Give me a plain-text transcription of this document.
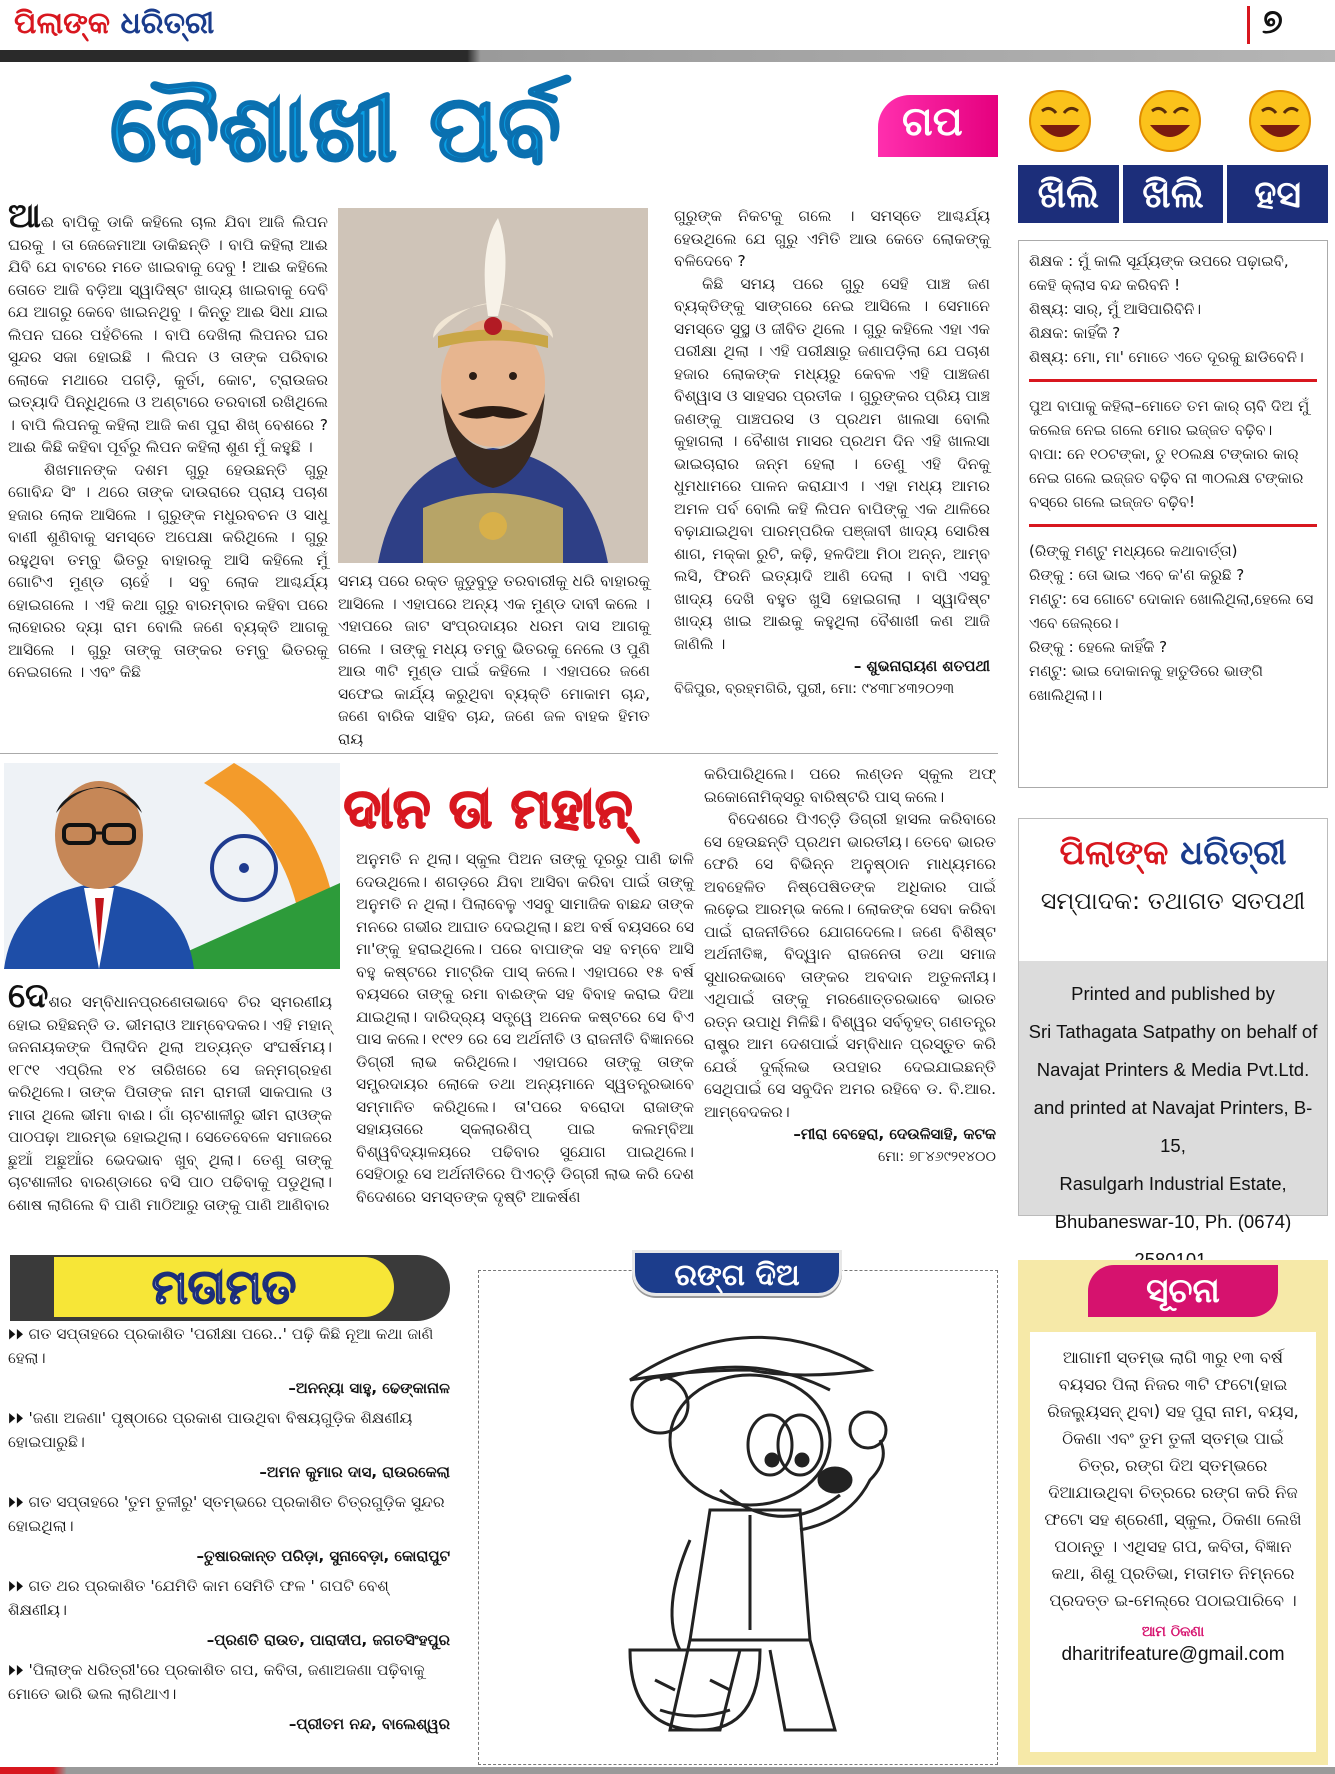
ପିଲାଙ୍କ ଧରିତ୍ରୀ	୭
ବୈଶାଖୀ ପର୍ବ	ଗପ

ଆଈ ବାପିକୁ ଡାକି କହିଲେ ଚାଲ ଯିବା ଆଜି ଲିପନ ଘରକୁ । ତା ଜେଜେମାଆ ଡାକିଛନ୍ତି । ବାପି କହିଲା ଆଈ ଯିବି ଯେ ବାଟରେ ମତେ ଖାଇବାକୁ ଦେବୁ ! ଆଈ କହିଲେ ତୋତେ ଆଜି ବଡ଼ିଆ ସ୍ୱାଦିଷ୍ଟ ଖାଦ୍ୟ ଖାଇବାକୁ ଦେବି ଯେ ଆଗରୁ କେବେ ଖାଇନଥିବୁ । କିନ୍ତୁ ଆଈ ସିଧା ଯାଇ ଲିପନ ଘରେ ପହଁଚିଲେ । ବାପି ଦେଖିଲା ଲିପନର ଘର ସୁନ୍ଦର ସଜା ହୋଇଛି । ଲିପନ ଓ ତାଙ୍କ ପରିବାର ଲୋକେ ମଥାରେ ପଗଡ଼ି, କୁର୍ତା, କୋଟ, ଟ୍ରାଉଜର ଇତ୍ୟାଦି ପିନ୍ଧିଥିଲେ ଓ ଅଣ୍ଟାରେ ତରବାରୀ ରଖିଥିଲେ । ବାପି ଲିପନକୁ କହିଲା ଆଜି କଣ ପୁରା ଶିଖ୍ ବେଶରେ ? ଆଈ କିଛି କହିବା ପୂର୍ବରୁ ଲିପନ କହିଲା ଶୁଣ ମୁଁ କହୁଛି ।

ଶିଖମାନଙ୍କ ଦଶମ ଗୁରୁ ହେଉଛନ୍ତି ଗୁରୁ ଗୋବିନ୍ଦ ସିଂ । ଥରେ ତାଙ୍କ ଦାଉରାରେ ପ୍ରାୟ ପଚାଶ ହଜାର ଲୋକ ଆସିଲେ । ଗୁରୁଙ୍କ ମଧୁରବଚନ ଓ ସାଧୁ ବାଣୀ ଶୁଣିବାକୁ ସମସ୍ତେ ଅପେକ୍ଷା କରିଥିଲେ । ଗୁରୁ ରହୁଥିବା ତମ୍ବୁ ଭିତରୁ ବାହାରକୁ ଆସି କହିଲେ ମୁଁ ଗୋଟିଏ ମୁଣ୍ଡ ଚାହେଁ । ସବୁ ଲୋକ ଆଶ୍ଚର୍ଯ୍ୟ ହୋଇଗଲେ । ଏହି କଥା ଗୁରୁ ବାରମ୍ବାର କହିବା ପରେ ଲାହୋରର ଦ୍ୟା ରାମ ବୋଲି ଜଣେ ବ୍ୟକ୍ତି ଆଗକୁ ଆସିଲେ । ଗୁରୁ ତାଙ୍କୁ ତାଙ୍କର ତମ୍ବୁ ଭିତରକୁ ନେଇଗଲେ । ଏବଂ କିଛି

ସମୟ ପରେ ରକ୍ତ ଜୁଡୁବୁଡୁ ତରବାରୀକୁ ଧରି ବାହାରକୁ ଆସିଲେ । ଏହାପରେ ଅନ୍ୟ ଏକ ମୁଣ୍ଡ ଦାବୀ କଲେ । ଏହାପରେ ଜାଟ ସଂପ୍ରଦାୟର ଧରମ ଦାସ ଆଗକୁ ଗଲେ । ତାଙ୍କୁ ମଧ୍ୟ ତମ୍ବୁ ଭିତରକୁ ନେଲେ ଓ ପୁଣି ଆଉ ୩ଟି ମୁଣ୍ଡ ପାଇଁ କହିଲେ । ଏହାପରେ ଜଣେ ସଫେଇ କାର୍ଯ୍ୟ କରୁଥିବା ବ୍ୟକ୍ତି ମୋକାମ ଚାନ୍ଦ, ଜଣେ ବାରିକ ସାହିବ ଚାନ୍ଦ, ଜଣେ ଜଳ ବାହକ ହିମତ ରାୟ

ଗୁରୁଙ୍କ ନିକଟକୁ ଗଲେ । ସମସ୍ତେ ଆଶ୍ଚର୍ଯ୍ୟ ହେଉଥିଲେ ଯେ ଗୁରୁ ଏମିତି ଆଉ କେତେ ଲୋକଙ୍କୁ ବଳିଦେବେ ?

କିଛି ସମୟ ପରେ ଗୁରୁ ସେହି ପାଞ୍ଚ ଜଣ ବ୍ୟକ୍ତିଙ୍କୁ ସାଙ୍ଗରେ ନେଇ ଆସିଲେ । ସେମାନେ ସମସ୍ତେ ସୁସ୍ଥ ଓ ଜୀବିତ ଥିଲେ । ଗୁରୁ କହିଲେ ଏହା ଏକ ପରୀକ୍ଷା ଥିଲା । ଏହି ପରୀକ୍ଷାରୁ ଜଣାପଡ଼ିଲା ଯେ ପଚାଶ ହଜାର ଲୋକଙ୍କ ମଧ୍ୟରୁ କେବଳ ଏହି ପାଞ୍ଚଜଣ ବିଶ୍ୱାସ ଓ ସାହସର ପ୍ରତୀକ । ଗୁରୁଙ୍କର ପ୍ରିୟ ପାଞ୍ଚ ଜଣଙ୍କୁ ପାଞ୍ଚପରସ ଓ ପ୍ରଥମ ଖାଲସା ବୋଲି କୁହାଗଲା । ବୈଶାଖ ମାସର ପ୍ରଥମ ଦିନ ଏହି ଖାଲସା ଭାଇଚାରାର ଜନ୍ମ ହେଲା । ତେଣୁ ଏହି ଦିନକୁ ଧୁମଧାମରେ ପାଳନ କରାଯାଏ । ଏହା ମଧ୍ୟ ଆମର ଅମଳ ପର୍ବ ବୋଲି କହି ଲିପନ ବାପିଙ୍କୁ ଏକ ଥାଳିରେ ବଢ଼ାଯାଇଥିବା ପାରମ୍ପରିକ ପଞ୍ଜାବୀ ଖାଦ୍ୟ ସୋରିଷ ଶାଗ, ମକ୍କା ରୁଟି, କଢ଼ି, ହଳଦିଆ ମିଠା ଅନ୍ନ, ଆମ୍ବ ଲସି, ଫିରନି ଇତ୍ୟାଦି ଆଣି ଦେଲା । ବାପି ଏସବୁ ଖାଦ୍ୟ ଦେଖି ବହୁତ ଖୁସି ହୋଇଗଲା । ସ୍ୱାଦିଷ୍ଟ ଖାଦ୍ୟ ଖାଇ ଆଈକୁ କହୁଥିଲା ବୈଶାଖୀ କଣ ଆଜି ଜାଣିଲି ।

– ଶୁଭନାରାୟଣ ଶତପଥୀ

ବିଜିପୁର, ବ୍ରହ୍ମଗିରି, ପୁରୀ, ମୋ: ୯୪୩୮୪୩୨୦୨୩

ଖିଲି	ଖିଲି	ହସ
ଶିକ୍ଷକ : ମୁଁ କାଲି ସୂର୍ଯ୍ୟଙ୍କ ଉପରେ ପଢ଼ାଇବି, କେହି କ୍ଲାସ ବନ୍ଦ କରିବନି !
ଶିଷ୍ୟ: ସାର୍, ମୁଁ ଆସିପାରିବିନି।
ଶିକ୍ଷକ: କାହିଁକି ?
ଶିଷ୍ୟ: ମୋ, ମା' ମୋତେ ଏତେ ଦୂରକୁ ଛାଡିବେନି।
ପୁଅ ବାପାକୁ କହିଲା–ମୋତେ ତମ କାର୍ ଚାବି ଦିଅ ମୁଁ କଲେଜ ନେଇ ଗଲେ ମୋର ଇଜ୍ଜତ ବଢ଼ିବ।
ବାପା: ନେ ୧୦ଟଙ୍କା, ତୁ ୧୦ଲକ୍ଷ ଟଙ୍କାର କାର୍ ନେଇ ଗଲେ ଇଜ୍ଜତ ବଢ଼ିବ ନା ୩୦ଲକ୍ଷ ଟଙ୍କାର ବସ୍‌ରେ ଗଲେ ଇଜ୍ଜତ ବଢ଼ିବ!
(ରିଙ୍କୁ ମଣ୍ଟୁ ମଧ୍ୟରେ କଥାବାର୍ତ୍ତା)
ରିଙ୍କୁ : ତୋ ଭାଇ ଏବେ କ'ଣ କରୁଛି ?
ମଣ୍ଟୁ: ସେ ଗୋଟେ ଦୋକାନ ଖୋଲିଥିଲା,ହେଲେ ସେ ଏବେ ଜେଲ୍‌ରେ।
ରିଙ୍କୁ : ହେଲେ କାହିଁକି ?
ମଣ୍ଟୁ: ଭାଇ ଦୋକାନକୁ ହାତୁଡିରେ ଭାଙ୍ଗି ଖୋଲିଥିଲା।।
ଦାନ ତା ମହାନ୍

ଦେଶର ସମ୍ବିଧାନପ୍ରଣେତାଭାବେ ଚିର ସ୍ମରଣୀୟ ହୋଇ ରହିଛନ୍ତି ଡ. ଭୀମରାଓ ଆମ୍ବେଦକର। ଏହି ମହାନ୍ ଜନନାୟକଙ୍କ ପିଲାଦିନ ଥିଲା ଅତ୍ୟନ୍ତ ସଂଘର୍ଷମୟ। ୧୮୯୧ ଏପ୍ରିଲ ୧୪ ତାରିଖରେ ସେ ଜନ୍ମଗ୍ରହଣ କରିଥିଲେ। ତାଙ୍କ ପିତାଙ୍କ ନାମ ରାମଜୀ ସାକପାଲ ଓ ମାତା ଥିଲେ ଭୀମା ବାଈ। ଗାଁ ଚାଟଶାଳୀରୁ ଭୀମ ରାଓଙ୍କ ପାଠପଢ଼ା ଆରମ୍ଭ ହୋଇଥିଲା। ସେତେବେଳେ ସମାଜରେ ଛୁଆଁ ଅଛୁଆଁର ଭେଦଭାବ ଖୁବ୍ ଥିଲା। ତେଣୁ ତାଙ୍କୁ ଚାଟଶାଳୀର ବାରଣ୍ଡାରେ ବସି ପାଠ ପଢିବାକୁ ପଡୁଥିଲା। ଶୋଷ ଲାଗିଲେ ବି ପାଣି ମାଠିଆରୁ ତାଙ୍କୁ ପାଣି ଆଣିବାର

ଅନୁମତି ନ ଥିଲା। ସ୍କୁଲ ପିଅନ ତାଙ୍କୁ ଦୂରରୁ ପାଣି ଢାଳି ଦେଉଥିଲେ। ଶଗଡ଼ରେ ଯିବା ଆସିବା କରିବା ପାଇଁ ତାଙ୍କୁ ଅନୁମତି ନ ଥିଲା। ପିଲାବେଳୁ ଏସବୁ ସାମାଜିକ ବାଛନ୍ଦ ତାଙ୍କ ମନରେ ଗଭୀର ଆଘାତ ଦେଇଥିଲା। ଛଅ ବର୍ଷ ବୟସରେ ସେ ମା'ଙ୍କୁ ହରାଇଥିଲେ। ପରେ ବାପାଙ୍କ ସହ ବମ୍ବେ ଆସି ବହୁ କଷ୍ଟରେ ମାଟ୍ରିକ ପାସ୍ କଲେ। ଏହାପରେ ୧୫ ବର୍ଷ ବୟସରେ ତାଙ୍କୁ ରମା ବାଈଙ୍କ ସହ ବିବାହ କରାଇ ଦିଆ ଯାଇଥିଲା। ଦାରିଦ୍ର୍ୟ ସତ୍ତ୍ୱେ ଅନେକ କଷ୍ଟରେ ସେ ବିଏ ପାସ କଲେ। ୧୯୧୨ ରେ ସେ ଅର୍ଥନୀତି ଓ ରାଜନୀତି ବିଜ୍ଞାନରେ ଡିଗ୍ରୀ ଲାଭ କରିଥିଲେ। ଏହାପରେ ତାଙ୍କୁ ତାଙ୍କ ସମ୍ପ୍ରଦାୟର ଲୋକେ ତଥା ଅନ୍ୟମାନେ ସ୍ୱତନ୍ତ୍ରଭାବେ ସମ୍ମାନିତ କରିଥିଲେ। ତା'ପରେ ବରୋଦା ରାଜାଙ୍କ ସହାୟତାରେ ସ୍କଲାରଶିପ୍ ପାଇ କଲମ୍ବିଆ ବିଶ୍ୱବିଦ୍ୟାଳୟରେ ପଢିବାର ସୁଯୋଗ ପାଇଥିଲେ। ସେହିଠାରୁ ସେ ଅର୍ଥନୀତିରେ ପିଏଚ୍‌ଡ଼ି ଡିଗ୍ରୀ ଲାଭ କରି ଦେଶ ବିଦେଶରେ ସମସ୍ତଙ୍କ ଦୃଷ୍ଟି ଆକର୍ଷଣ

କରିପାରିଥିଲେ। ପରେ ଲଣ୍ଡନ ସ୍କୁଲ ଅଫ୍ ଇକୋନୋମିକ୍ସରୁ ବାରିଷ୍ଟରି ପାସ୍ କଲେ।

ବିଦେଶରେ ପିଏଚ୍‌ଡ଼ି ଡିଗ୍ରୀ ହାସଲ କରିବାରେ ସେ ହେଉଛନ୍ତି ପ୍ରଥମ ଭାରତୀୟ। ତେବେ ଭାରତ ଫେରି ସେ ବିଭିନ୍ନ ଅନୁଷ୍ଠାନ ମାଧ୍ୟମରେ ଅବହେଳିତ ନିଷ୍ପେଷିତଙ୍କ ଅଧିକାର ପାଇଁ ଲଢ଼େଇ ଆରମ୍ଭ କଲେ। ଲୋକଙ୍କ ସେବା କରିବା ପାଇଁ ରାଜନୀତିରେ ଯୋଗଦେଲେ। ଜଣେ ବିଶିଷ୍ଟ ଅର୍ଥନୀତିଜ୍ଞ, ବିଦ୍ୱାନ ରାଜନେତା ତଥା ସମାଜ ସୁଧାରକଭାବେ ତାଙ୍କର ଅବଦାନ ଅତୁଳନୀୟ। ଏଥିପାଇଁ ତାଙ୍କୁ ମରଣୋତ୍ତରଭାବେ ଭାରତ ରତ୍ନ ଉପାଧି ମିଳିଛି। ବିଶ୍ୱର ସର୍ବବୃହତ୍ ଗଣତନ୍ତ୍ର ରାଷ୍ଟ୍ର ଆମ ଦେଶପାଇଁ ସମ୍ବିଧାନ ପ୍ରସ୍ତୁତ କରି ଯେଉଁ ଦୁର୍ଲ୍ଲଭ ଉପହାର ଦେଇଯାଇଛନ୍ତି ସେଥିପାଇଁ ସେ ସବୁଦିନ ଅମର ରହିବେ ଡ. ବି.ଆର. ଆମ୍ବେଦକର।

–ମୀରା ବେହେରା, ଦେଉଳିସାହି, କଟକ

ମୋ: ୭୮୪୬୯୨୧୪୦୦

ପିଲାଙ୍କ ଧରିତ୍ରୀ
ସମ୍ପାଦକ: ତଥାଗତ ସତପଥୀ
Printed and published by
Sri Tathagata Satpathy on behalf of
Navajat Printers & Media Pvt.Ltd.
and printed at Navajat Printers, B-15,
Rasulgarh Industrial Estate,
Bhubaneswar-10, Ph. (0674)
ମତାମତ
⏵⏵ ଗତ ସପ୍ତାହରେ ପ୍ରକାଶିତ 'ପରୀକ୍ଷା ପରେ..' ପଢ଼ି କିଛି ନୂଆ କଥା ଜାଣି ହେଲା।
–ଅନନ୍ୟା ସାହୁ, ଢେଙ୍କାନାଳ
⏵⏵ 'ଜଣା ଅଜଣା' ପୃଷ୍ଠାରେ ପ୍ରକାଶ ପାଉଥିବା ବିଷୟଗୁଡ଼ିକ ଶିକ୍ଷଣୀୟ ହୋଇପାରୁଛି।
–ଅମନ କୁମାର ଦାସ, ରାଉରକେଲା
⏵⏵ ଗତ ସପ୍ତାହରେ 'ତୁମ ତୁଳୀରୁ' ସ୍ତମ୍ଭରେ ପ୍ରକାଶିତ ଚିତ୍ରଗୁଡ଼ିକ ସୁନ୍ଦର ହୋଇଥିଲା।
–ତୁଷାରକାନ୍ତ ପରିଡ଼ା, ସୁନାବେଡ଼ା, କୋରାପୁଟ
⏵⏵ ଗତ ଥର ପ୍ରକାଶିତ 'ଯେମିତି କାମ ସେମିତି ଫଳ ' ଗପଟି ବେଶ୍ ଶିକ୍ଷଣୀୟ।
–ପ୍ରଣତି ରାଉତ, ପାରାଦୀପ, ଜଗତସିଂହପୁର
⏵⏵ 'ପିଲାଙ୍କ ଧରିତ୍ରୀ'ରେ ପ୍ରକାଶିତ ଗପ, କବିତା, ଜଣାଅଜଣା ପଢ଼ିବାକୁ ମୋତେ ଭାରି ଭଲ ଲାଗିଥାଏ।
–ପ୍ରୀତମ ନନ୍ଦ, ବାଲେଶ୍ୱର
ରଙ୍ଗ ଦିଅ	ସୂଚନା
ଆଗାମୀ ସ୍ତମ୍ଭ ଲାଗି ୩ରୁ ୧୩ ବର୍ଷ ବୟସର ପିଲା ନିଜର ୩ଟି ଫଟୋ(ହାଇ ରିଜଲ୍ୟୁସନ୍ ଥିବା) ସହ ପୁରା ନାମ, ବୟସ, ଠିକଣା ଏବଂ ତୁମ ତୁଳୀ ସ୍ତମ୍ଭ ପାଇଁ ଚିତ୍ର, ରଙ୍ଗ ଦିଅ ସ୍ତମ୍ଭରେ ଦିଆଯାଉଥିବା ଚିତ୍ରରେ ରଙ୍ଗ କରି ନିଜ ଫଟୋ ସହ ଶ୍ରେଣୀ, ସ୍କୁଲ, ଠିକଣା ଲେଖି ପଠାନ୍ତୁ । ଏଥିସହ ଗପ, କବିତା, ବିଜ୍ଞାନ କଥା, ଶିଶୁ ପ୍ରତିଭା, ମତାମତ ନିମ୍ନରେ ପ୍ରଦତ୍ତ ଇ-ମେଲ୍‌ରେ ପଠାଇପାରିବେ ।
ଆମ ଠିକଣା
dharitrifeature@gmail.com
